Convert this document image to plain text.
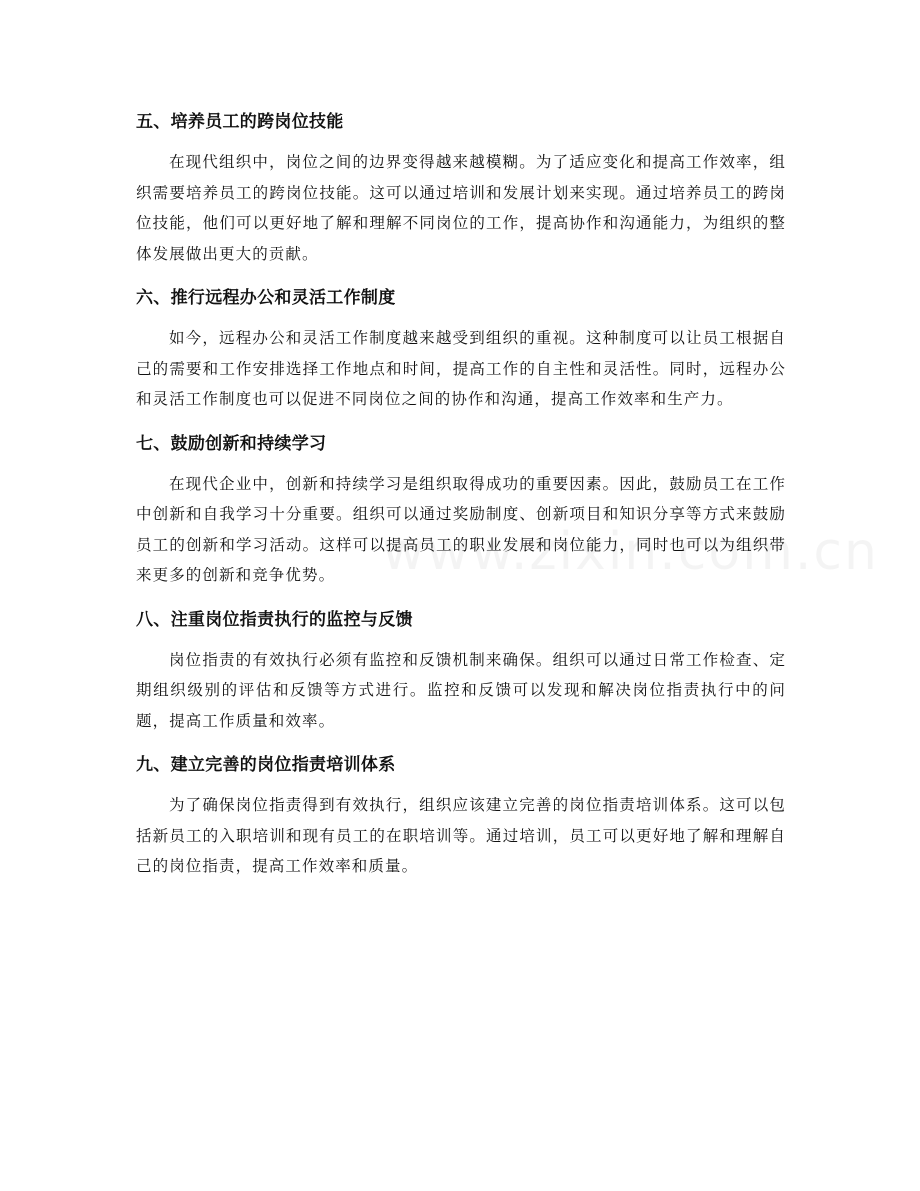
五、培养员工的跨岗位技能

在现代组织中，岗位之间的边界变得越来越模糊。为了适应变化和提高工作效率，组织需要培养员工的跨岗位技能。这可以通过培训和发展计划来实现。通过培养员工的跨岗位技能，他们可以更好地了解和理解不同岗位的工作，提高协作和沟通能力，为组织的整体发展做出更大的贡献。

六、推行远程办公和灵活工作制度

如今，远程办公和灵活工作制度越来越受到组织的重视。这种制度可以让员工根据自己的需要和工作安排选择工作地点和时间，提高工作的自主性和灵活性。同时，远程办公和灵活工作制度也可以促进不同岗位之间的协作和沟通，提高工作效率和生产力。

七、鼓励创新和持续学习

在现代企业中，创新和持续学习是组织取得成功的重要因素。因此，鼓励员工在工作中创新和自我学习十分重要。组织可以通过奖励制度、创新项目和知识分享等方式来鼓励员工的创新和学习活动。这样可以提高员工的职业发展和岗位能力，同时也可以为组织带来更多的创新和竞争优势。

八、注重岗位指责执行的监控与反馈

岗位指责的有效执行必须有监控和反馈机制来确保。组织可以通过日常工作检查、定期组织级别的评估和反馈等方式进行。监控和反馈可以发现和解决岗位指责执行中的问题，提高工作质量和效率。

九、建立完善的岗位指责培训体系

为了确保岗位指责得到有效执行，组织应该建立完善的岗位指责培训体系。这可以包括新员工的入职培训和现有员工的在职培训等。通过培训，员工可以更好地了解和理解自己的岗位指责，提高工作效率和质量。
